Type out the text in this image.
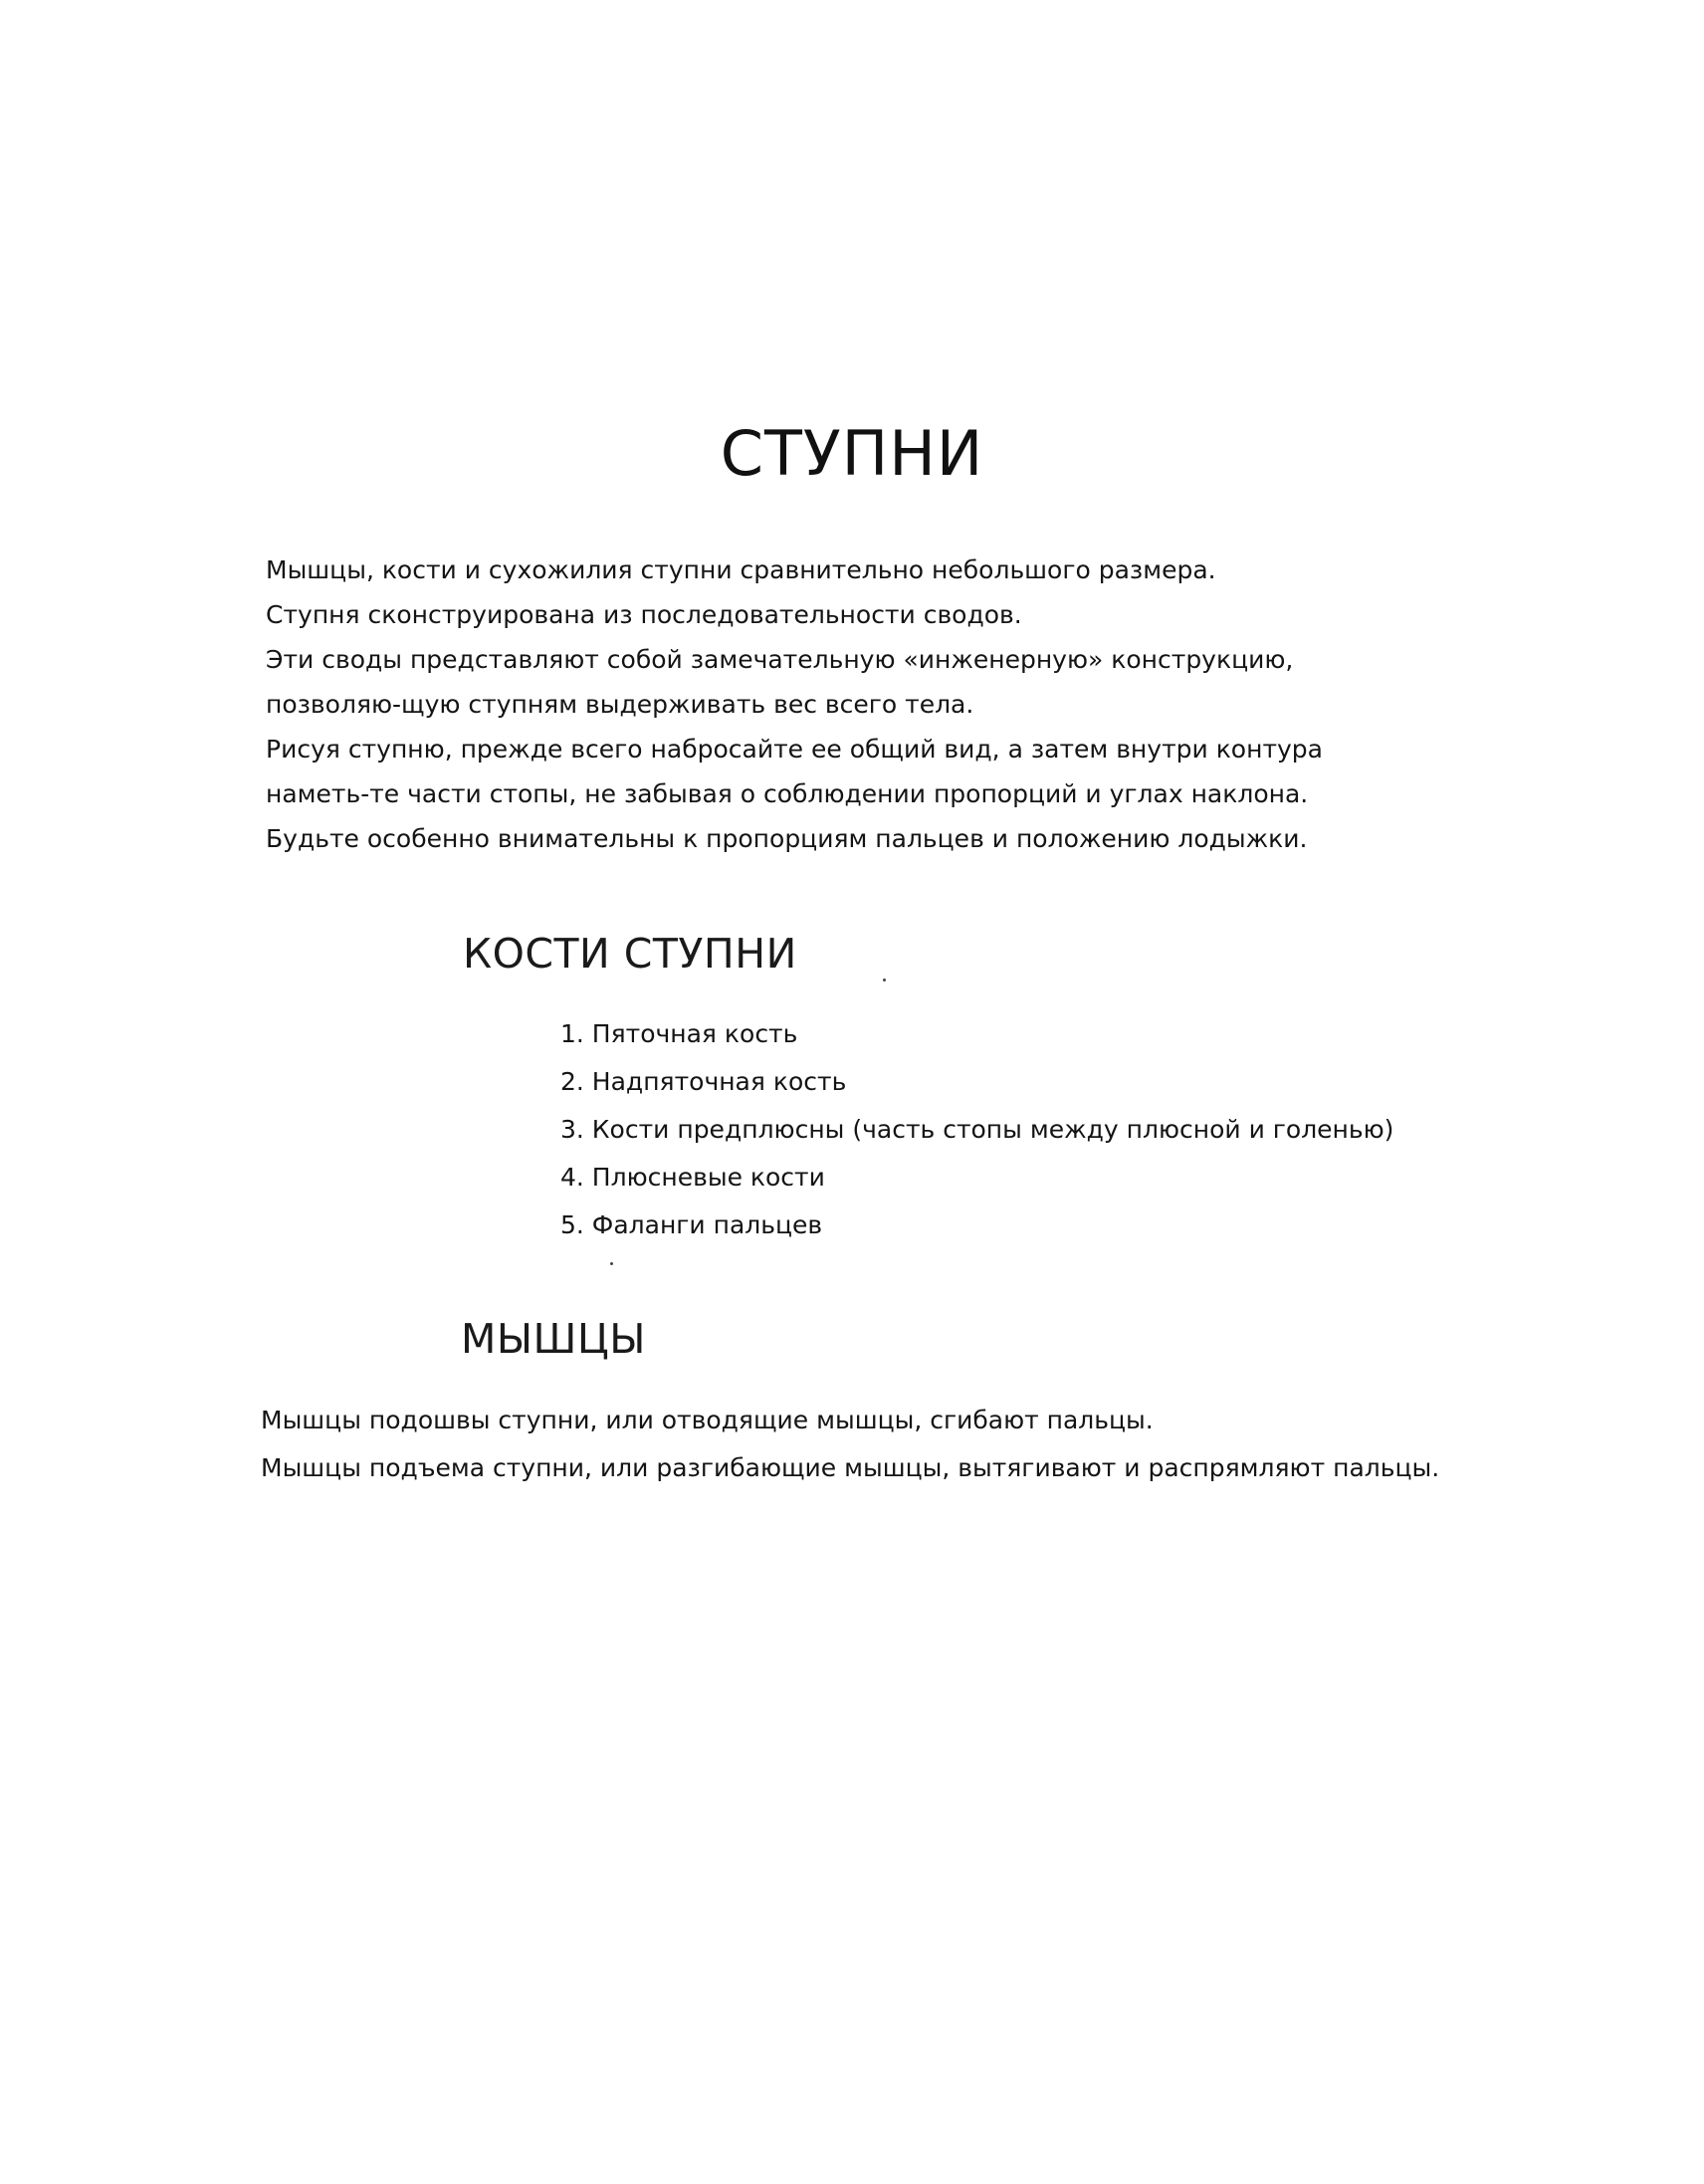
СТУПНИ

Мышцы, кости и сухожилия ступни сравнительно небольшого размера.

Ступня сконструирована из последовательности сводов.

Эти своды представляют собой замечательную «инженерную» конструкцию, позволяю-щую ступням выдерживать вес всего тела.

Рисуя ступню, прежде всего набросайте ее общий вид, а затем внутри контура наметь-те части стопы, не забывая о соблюдении пропорций и углах наклона.

Будьте особенно внимательны к пропорциям пальцев и положению лодыжки.

КОСТИ СТУПНИ
1. Пяточная кость
2. Надпяточная кость
3. Кости предплюсны (часть стопы между плюсной и голенью)
4. Плюсневые кости
5. Фаланги пальцев
МЫШЦЫ

Мышцы подошвы ступни, или отводящие мышцы, сгибают пальцы.

Мышцы подъема ступни, или разгибающие мышцы, вытягивают и распрямляют пальцы.
